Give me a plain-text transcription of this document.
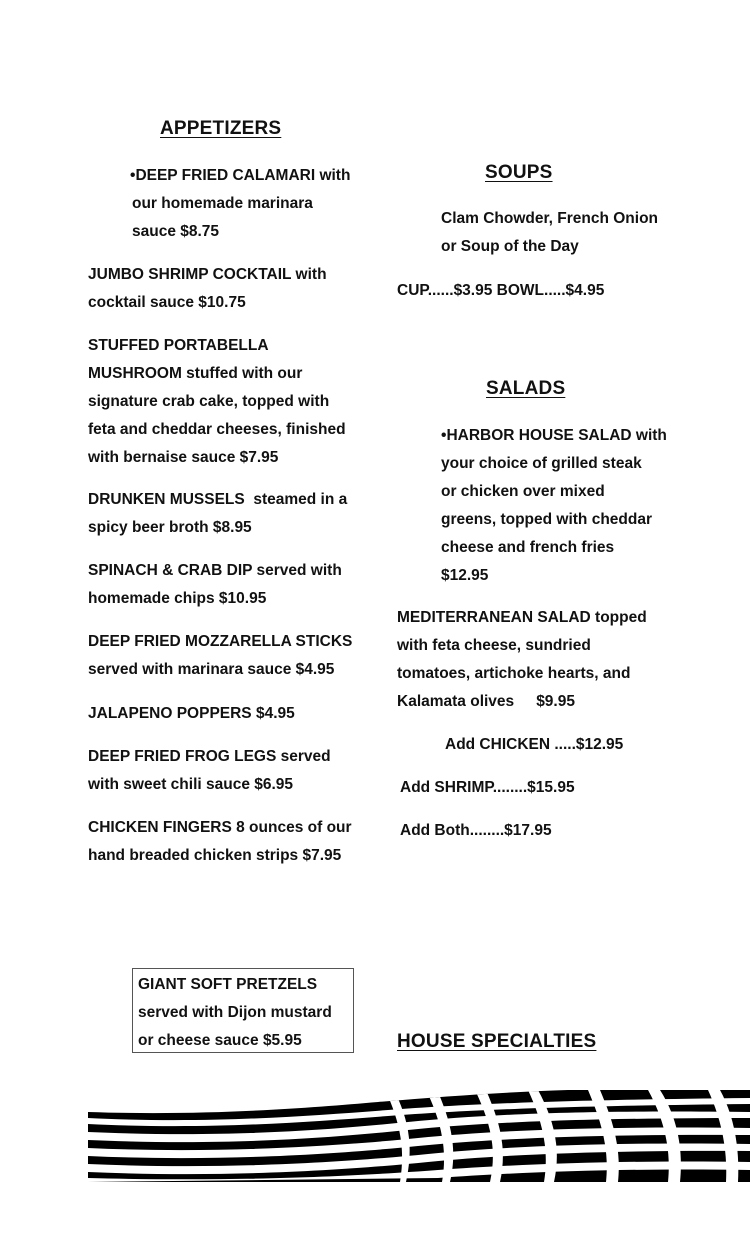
APPETIZERS
•DEEP FRIED CALAMARI with
our homemade marinara
sauce $8.75
JUMBO SHRIMP COCKTAIL with
cocktail sauce $10.75
STUFFED PORTABELLA
MUSHROOM stuffed with our
signature crab cake, topped with
feta and cheddar cheeses, finished
with bernaise sauce $7.95
DRUNKEN MUSSELS  steamed in a
spicy beer broth $8.95
SPINACH & CRAB DIP served with
homemade chips $10.95
DEEP FRIED MOZZARELLA STICKS
served with marinara sauce $4.95
JALAPENO POPPERS $4.95
DEEP FRIED FROG LEGS served
with sweet chili sauce $6.95
CHICKEN FINGERS 8 ounces of our
hand breaded chicken strips $7.95
SOUPS
Clam Chowder, French Onion
or Soup of the Day
CUP......$3.95 BOWL.....$4.95
SALADS
•HARBOR HOUSE SALAD with
your choice of grilled steak
or chicken over mixed
greens, topped with cheddar
cheese and french fries
$12.95
MEDITERRANEAN SALAD topped
with feta cheese, sundried
tomatoes, artichoke hearts, and
Kalamata olives $9.95
Add CHICKEN .....$12.95
Add SHRIMP........$15.95
Add Both........$17.95
GIANT SOFT PRETZELS
served with Dijon mustard
or cheese sauce $5.95	HOUSE SPECIALTIES
